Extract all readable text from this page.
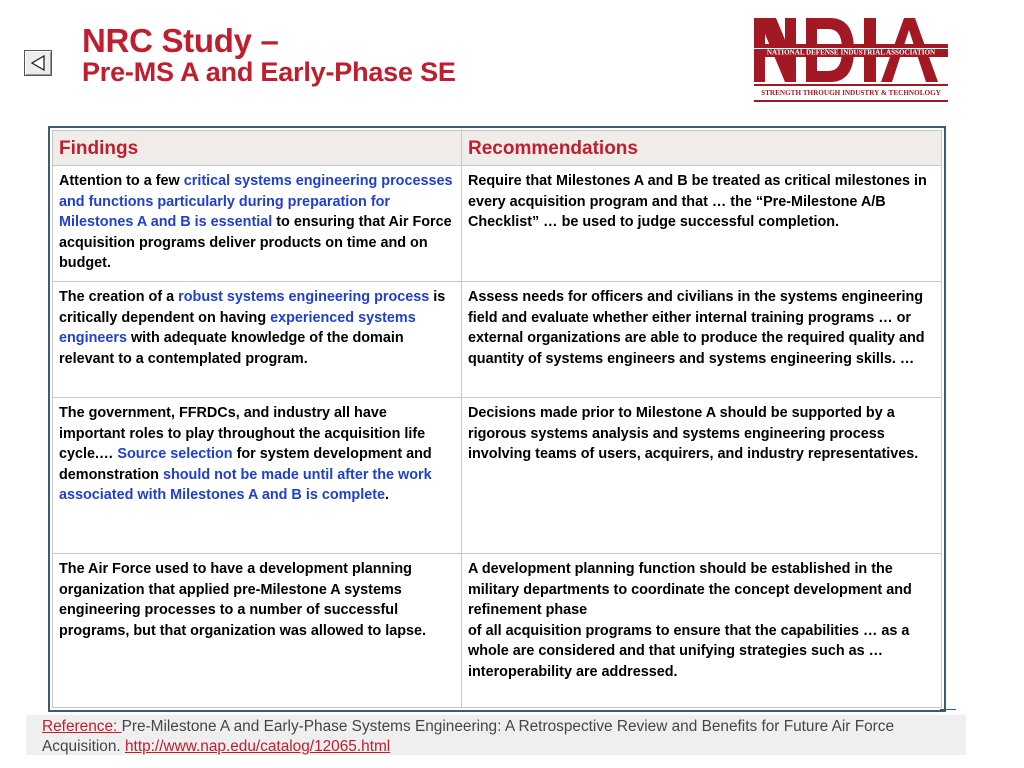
NRC Study –
Pre-MS A and Early-Phase SE
NATIONAL DEFENSE INDUSTRIAL ASSOCIATION
STRENGTH THROUGH INDUSTRY & TECHNOLOGY
Findings	Recommendations
Attention to a few critical systems engineering processes and functions particularly during preparation for Milestones A and B is essential to ensuring that Air Force acquisition programs deliver products on time and on budget.
Require that Milestones A and B be treated as critical milestones in every acquisition program and that … the “Pre-Milestone A/B Checklist” … be used to judge successful completion.
The creation of a robust systems engineering process is critically dependent on having experienced systems engineers with adequate knowledge of the domain relevant to a contemplated program.
Assess needs for officers and civilians in the systems engineering field and evaluate whether either internal training programs … or external organizations are able to produce the required quality and quantity of systems engineers and systems engineering skills. …
The government, FFRDCs, and industry all have important roles to play throughout the acquisition life cycle.… Source selection for system development and demonstration should not be made until after the work associated with Milestones A and B is complete.
Decisions made prior to Milestone A should be supported by a rigorous systems analysis and systems engineering process involving teams of users, acquirers, and industry representatives.
The Air Force used to have a development planning organization that applied pre-Milestone A systems engineering processes to a number of successful programs, but that organization was allowed to lapse.
A development planning function should be established in the military departments to coordinate the concept development and refinement phase
of all acquisition programs to ensure that the capabilities … as a whole are considered and that unifying strategies such as … interoperability are addressed.

Reference: Pre-Milestone A and Early-Phase Systems Engineering: A Retrospective Review and Benefits for Future Air Force Acquisition. http://www.nap.edu/catalog/12065.html
